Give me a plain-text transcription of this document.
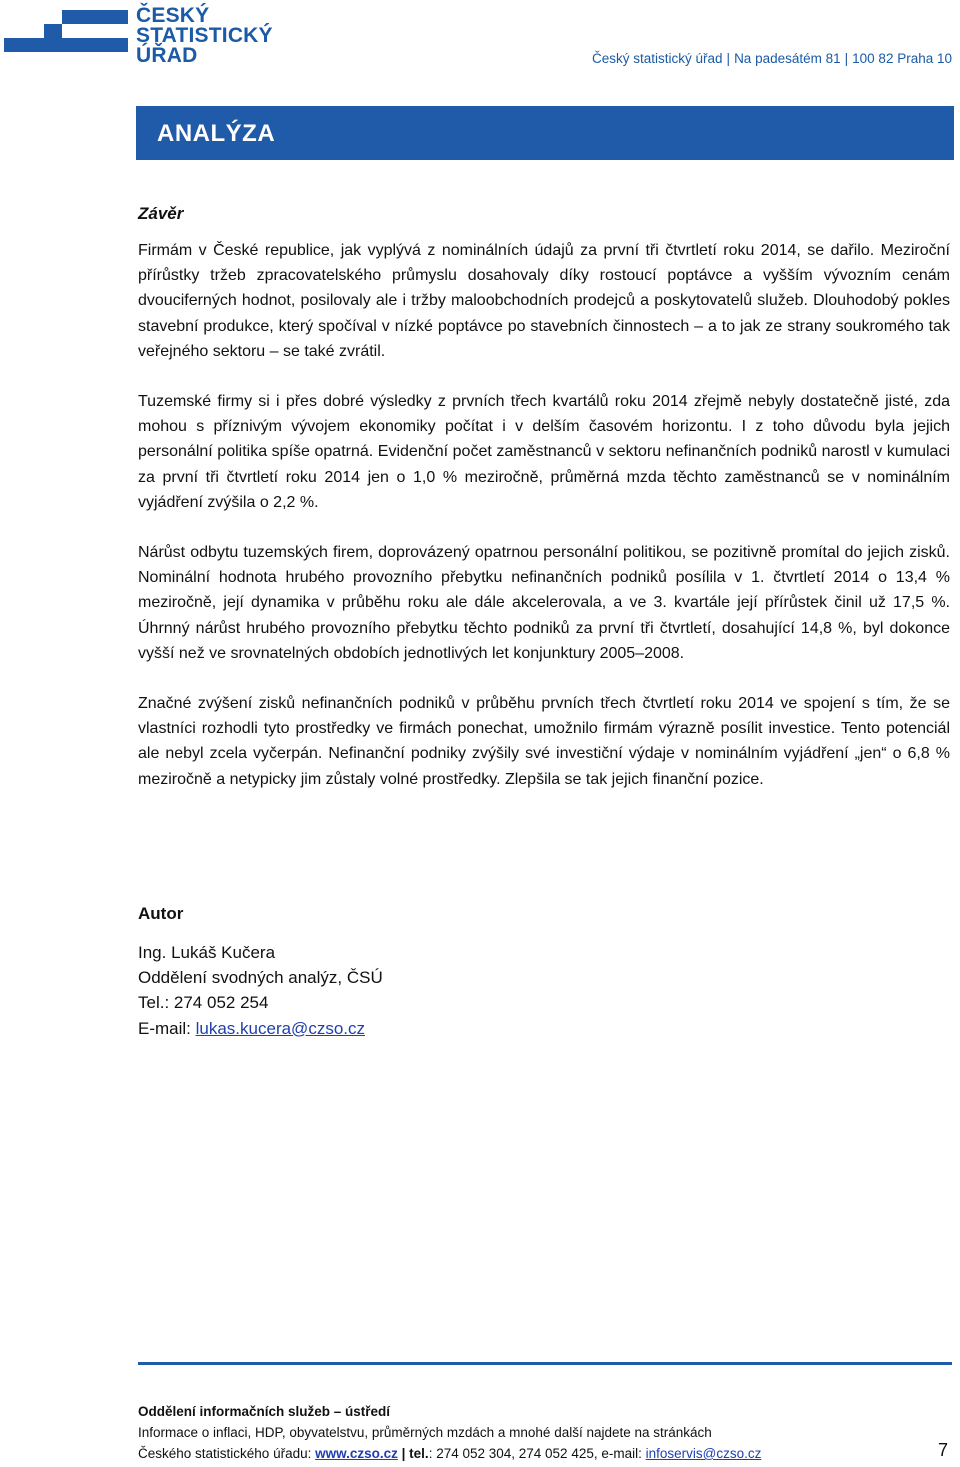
ČESKÝ
STATISTICKÝ
ÚŘAD	Český statistický úřad | Na padesátém 81 | 100 82 Praha 10
ANALÝZA
Závěr

Firmám v České republice, jak vyplývá z nominálních údajů za první tři čtvrtletí roku 2014, se dařilo. Meziroční přírůstky tržeb zpracovatelského průmyslu dosahovaly díky rostoucí poptávce a vyšším vývozním cenám dvouciferných hodnot, posilovaly ale i tržby maloobchodních prodejců a poskytovatelů služeb. Dlouhodobý pokles stavební produkce, který spočíval v nízké poptávce po stavebních činnostech – a to jak ze strany soukromého tak veřejného sektoru – se také zvrátil.

Tuzemské firmy si i přes dobré výsledky z prvních třech kvartálů roku 2014 zřejmě nebyly dostatečně jisté, zda mohou s příznivým vývojem ekonomiky počítat i v delším časovém horizontu. I z toho důvodu byla jejich personální politika spíše opatrná. Evidenční počet zaměstnanců v sektoru nefinančních podniků narostl v kumulaci za první tři čtvrtletí roku 2014 jen o 1,0 % meziročně, průměrná mzda těchto zaměstnanců se v nominálním vyjádření zvýšila o 2,2 %.

Nárůst odbytu tuzemských firem, doprovázený opatrnou personální politikou, se pozitivně promítal do jejich zisků. Nominální hodnota hrubého provozního přebytku nefinančních podniků posílila v 1. čtvrtletí 2014 o 13,4 % meziročně, její dynamika v průběhu roku ale dále akcelerovala, a ve 3. kvartále její přírůstek činil už 17,5 %. Úhrnný nárůst hrubého provozního přebytku těchto podniků za první tři čtvrtletí, dosahující 14,8 %, byl dokonce vyšší než ve srovnatelných obdobích jednotlivých let konjunktury 2005–2008.

Značné zvýšení zisků nefinančních podniků v průběhu prvních třech čtvrtletí roku 2014 ve spojení s tím, že se vlastníci rozhodli tyto prostředky ve firmách ponechat, umožnilo firmám výrazně posílit investice. Tento potenciál ale nebyl zcela vyčerpán. Nefinanční podniky zvýšily své investiční výdaje v nominálním vyjádření „jen“ o 6,8 % meziročně a netypicky jim zůstaly volné prostředky. Zlepšila se tak jejich finanční pozice.

Autor
Ing. Lukáš Kučera
Oddělení svodných analýz, ČSÚ
Tel.: 274 052 254
E-mail: lukas.kucera@czso.cz
Oddělení informačních služeb – ústředí
Informace o inflaci, HDP, obyvatelstvu, průměrných mzdách a mnohé další najdete na stránkách
Českého statistického úřadu: www.czso.cz | tel.: 274 052 304, 274 052 425, e-mail: infoservis@czso.cz	7
